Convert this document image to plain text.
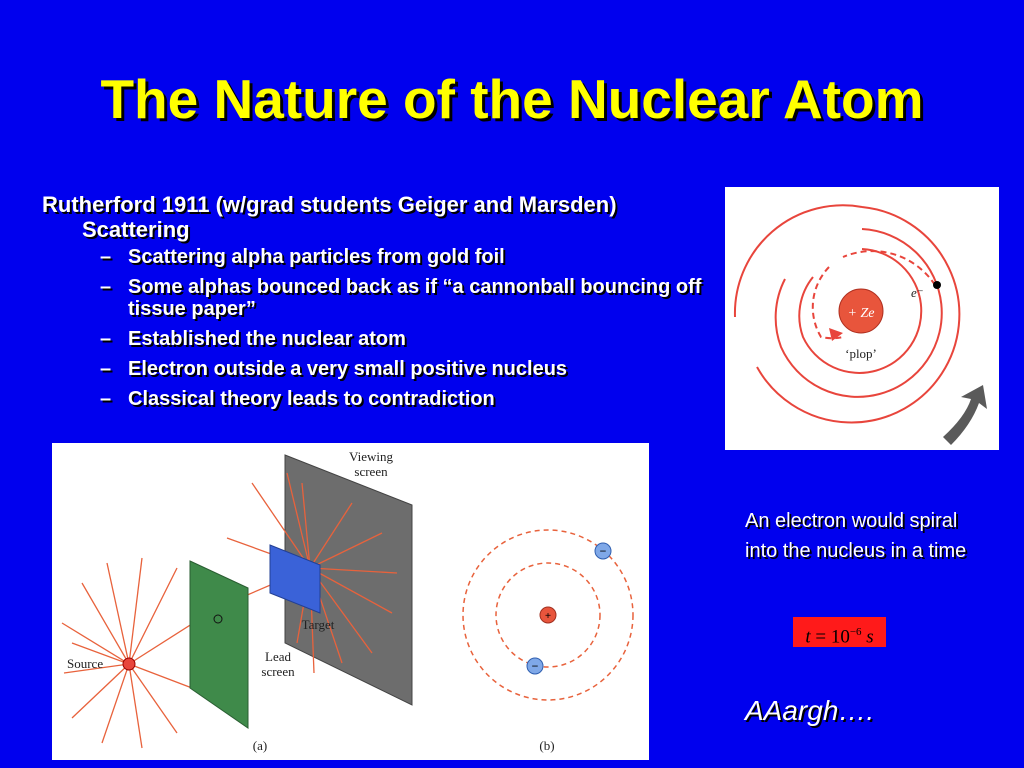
The Nature of the Nuclear Atom

Rutherford 1911 (w/grad students Geiger and Marsden) Scattering

– Scattering alpha particles from gold foil
– Some alphas bounced back as if “a cannonball bouncing off tissue paper”
– Established the nuclear atom
– Electron outside a very small positive nucleus
– Classical theory leads to contradiction
+ Ze
e⁻
‘plop’
Viewing
screen
Target
Lead
screen
Source
(a)	(b)
+
−
−
An electron would spiral into the nucleus in a time
$t = 10^{-6}$ s
AAargh….
